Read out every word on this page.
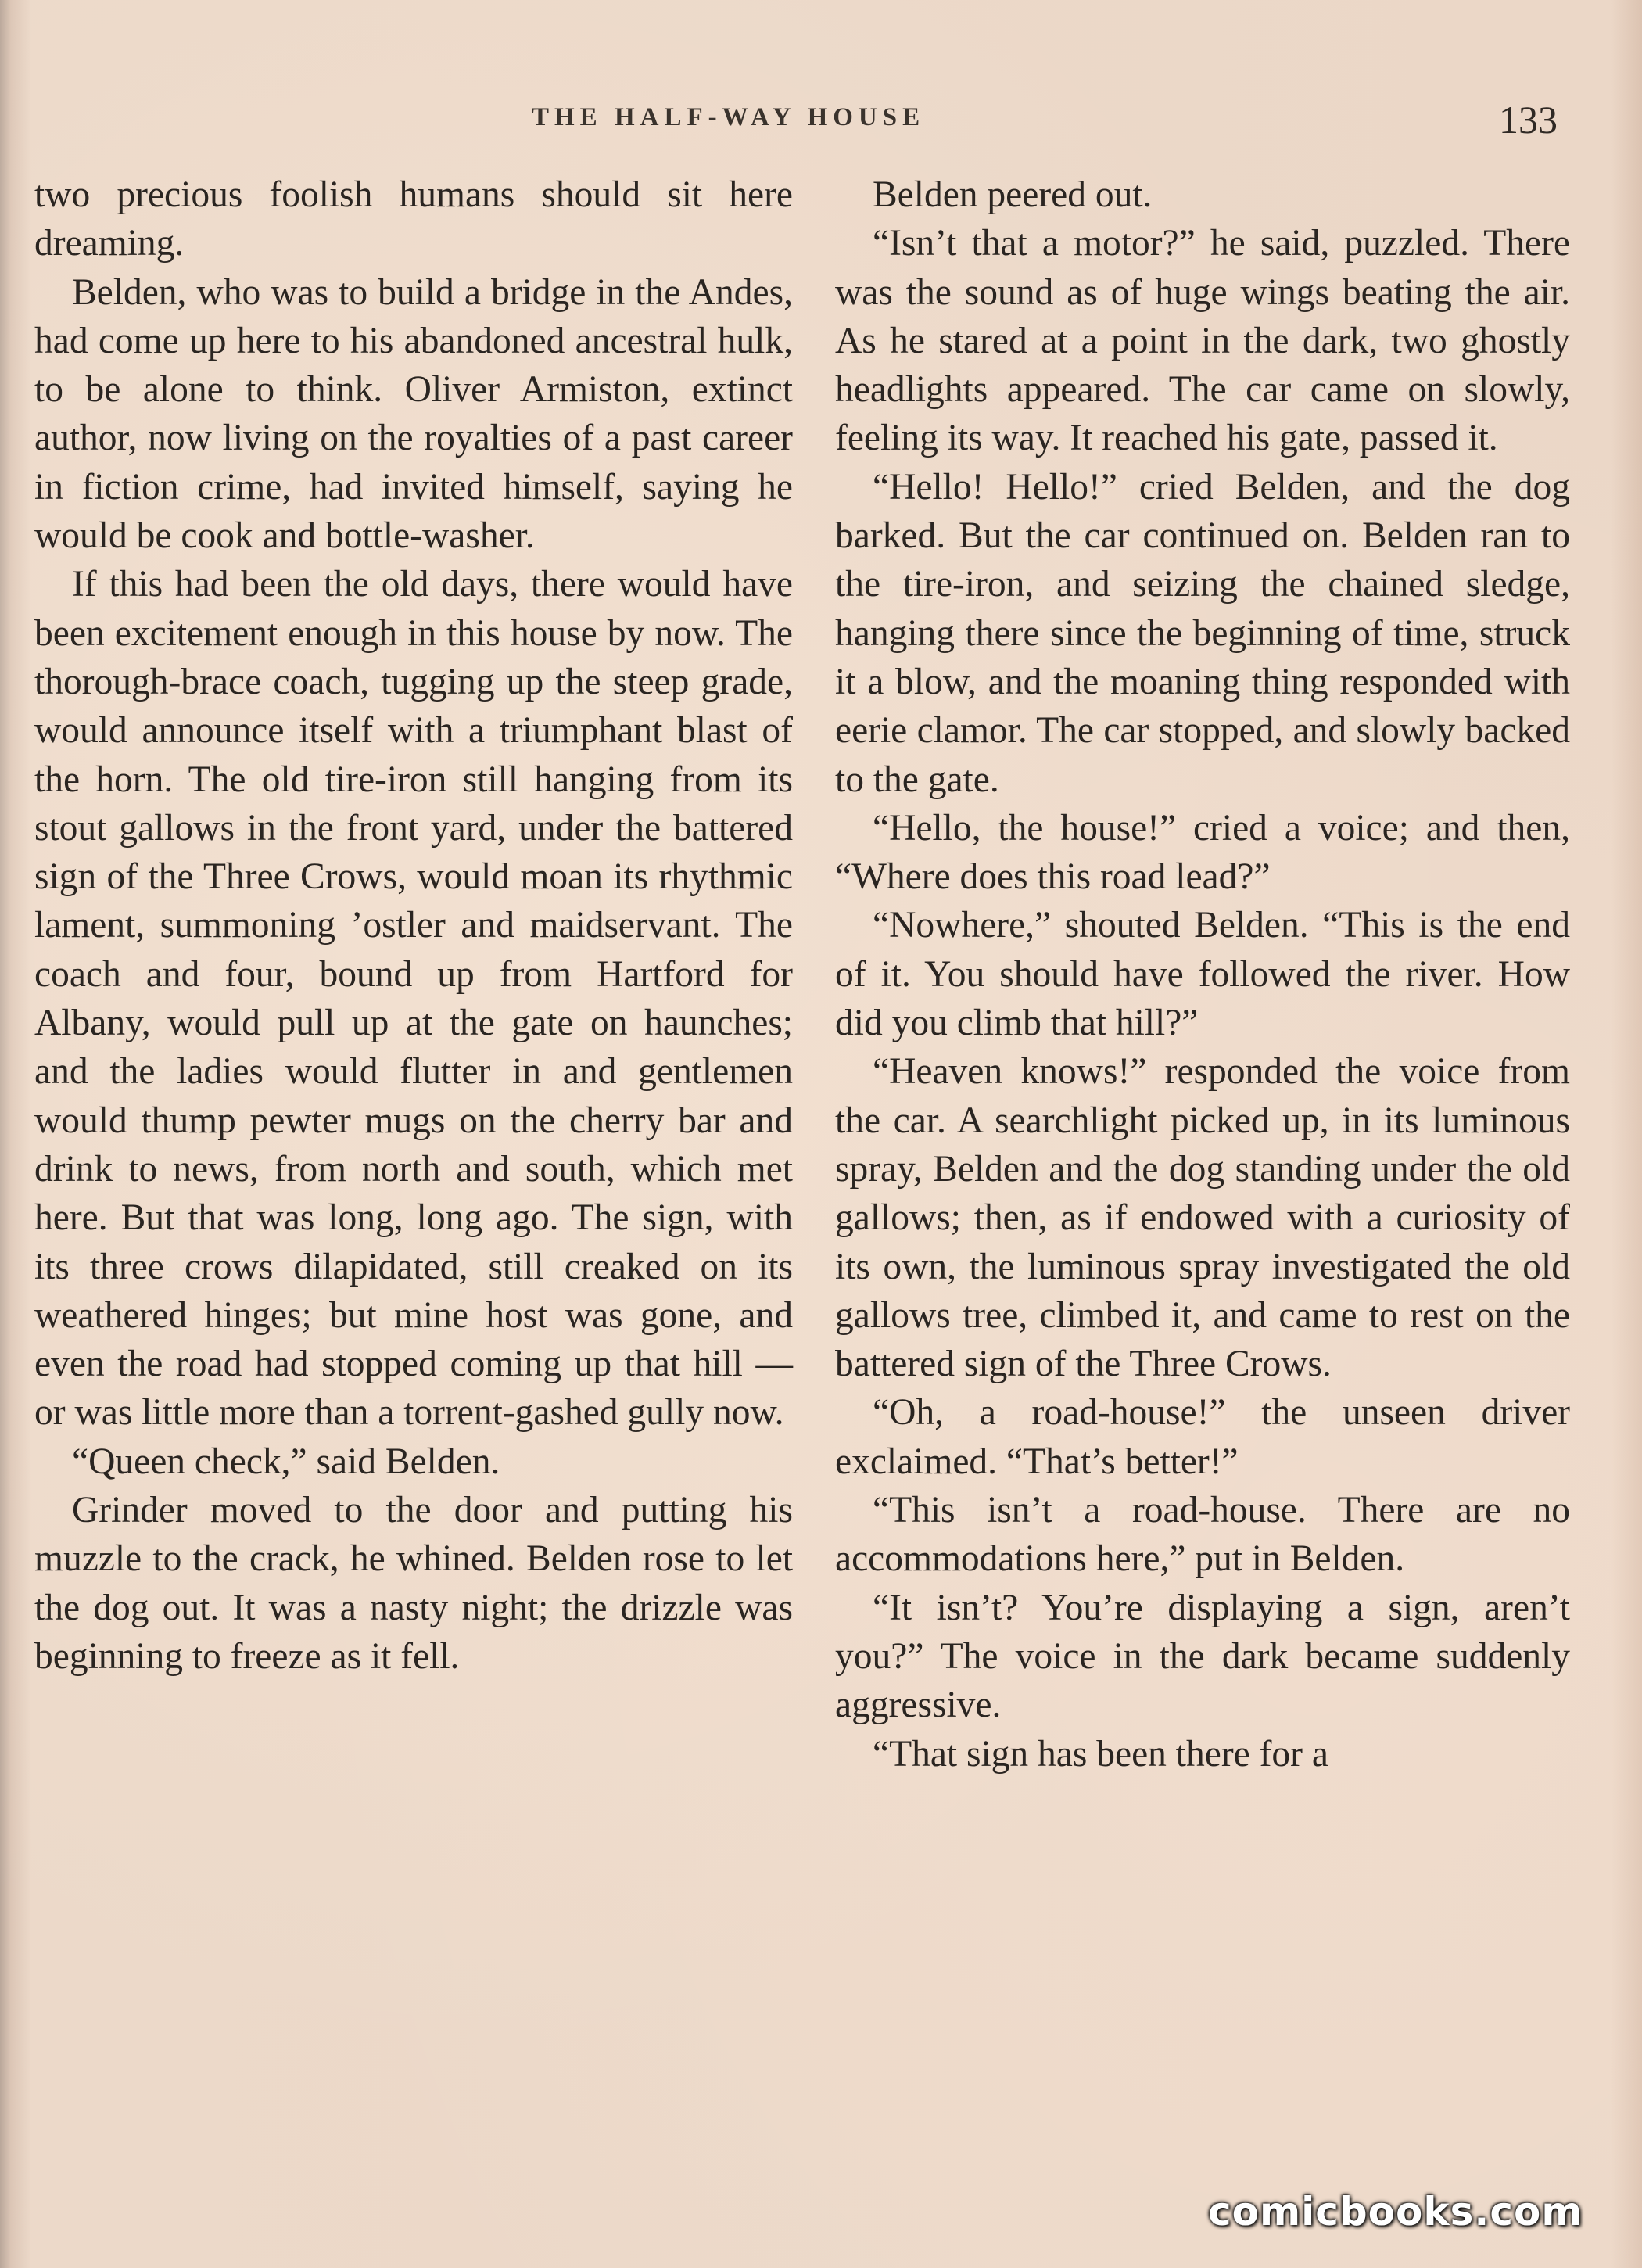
THE HALF-WAY HOUSE	133

two precious foolish humans should sit here dreaming.

Belden, who was to build a bridge in the Andes, had come up here to his abandoned ancestral hulk, to be alone to think. Oliver Armiston, extinct author, now living on the royalties of a past career in fiction crime, had invited himself, saying he would be cook and bottle-washer.

If this had been the old days, there would have been excitement enough in this house by now. The thorough-brace coach, tugging up the steep grade, would announce itself with a triumphant blast of the horn. The old tire-iron still hanging from its stout gallows in the front yard, under the battered sign of the Three Crows, would moan its rhythmic lament, summoning ’ostler and maidservant. The coach and four, bound up from Hartford for Albany, would pull up at the gate on haunches; and the ladies would flutter in and gentlemen would thump pewter mugs on the cherry bar and drink to news, from north and south, which met here. But that was long, long ago. The sign, with its three crows dilapidated, still creaked on its weathered hinges; but mine host was gone, and even the road had stopped coming up that hill — or was little more than a torrent-gashed gully now.

“Queen check,” said Belden.

Grinder moved to the door and putting his muzzle to the crack, he whined. Belden rose to let the dog out. It was a nasty night; the drizzle was beginning to freeze as it fell.

Belden peered out.

“Isn’t that a motor?” he said, puzzled. There was the sound as of huge wings beating the air. As he stared at a point in the dark, two ghostly headlights appeared. The car came on slowly, feeling its way. It reached his gate, passed it.

“Hello! Hello!” cried Belden, and the dog barked. But the car continued on. Belden ran to the tire-iron, and seizing the chained sledge, hanging there since the beginning of time, struck it a blow, and the moaning thing responded with eerie clamor. The car stopped, and slowly backed to the gate.

“Hello, the house!” cried a voice; and then, “Where does this road lead?”

“Nowhere,” shouted Belden. “This is the end of it. You should have followed the river. How did you climb that hill?”

“Heaven knows!” responded the voice from the car. A searchlight picked up, in its luminous spray, Belden and the dog standing under the old gallows; then, as if endowed with a curiosity of its own, the luminous spray investigated the old gallows tree, climbed it, and came to rest on the battered sign of the Three Crows.

“Oh, a road-house!” the unseen driver exclaimed. “That’s better!”

“This isn’t a road-house. There are no accommodations here,” put in Belden.

“It isn’t? You’re displaying a sign, aren’t you?” The voice in the dark became suddenly aggressive.

“That sign has been there for a

comicbooks.com
